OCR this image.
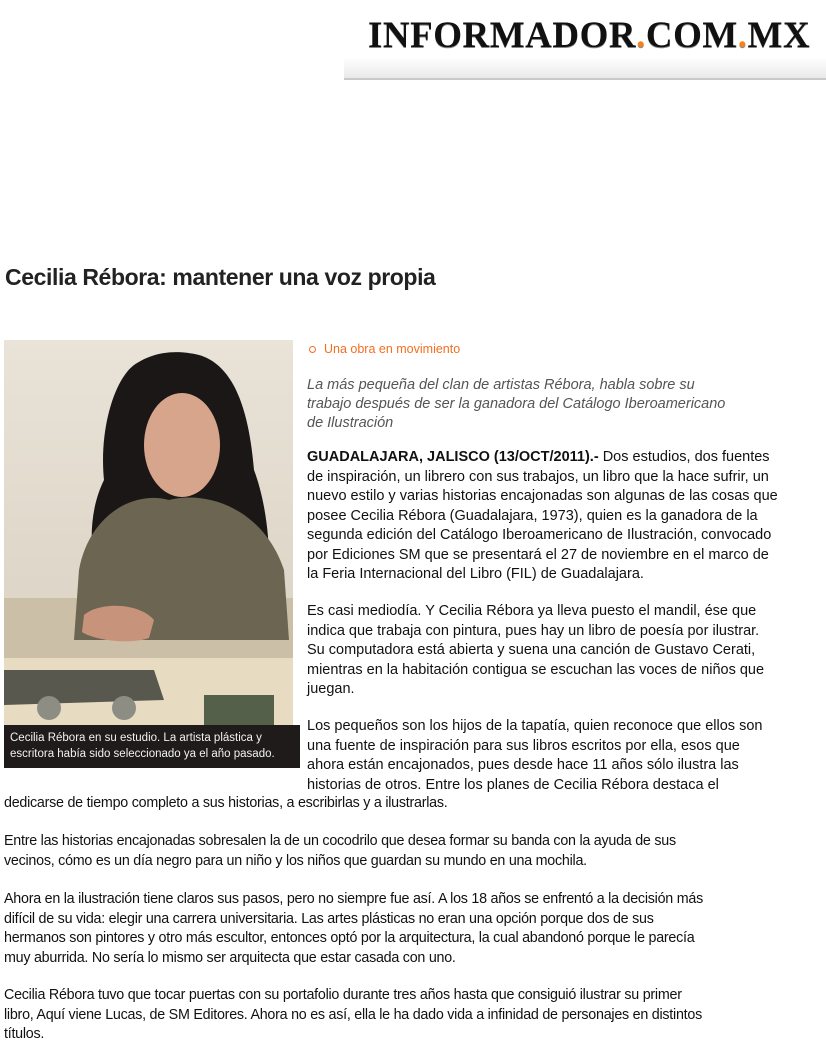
INFORMADOR.COM.MX
Cecilia Rébora: mantener una voz propia
Cecilia Rébora en su estudio. La artista plástica y
escritora había sido seleccionado ya el año pasado.
Una obra en movimiento

La más pequeña del clan de artistas Rébora, habla sobre su
trabajo después de ser la ganadora del Catálogo Iberoamericano
de Ilustración

GUADALAJARA, JALISCO (13/OCT/2011).- Dos estudios, dos fuentes
de inspiración, un librero con sus trabajos, un libro que la hace sufrir, un
nuevo estilo y varias historias encajonadas son algunas de las cosas que
posee Cecilia Rébora (Guadalajara, 1973), quien es la ganadora de la
segunda edición del Catálogo Iberoamericano de Ilustración, convocado
por Ediciones SM que se presentará el 27 de noviembre en el marco de
la Feria Internacional del Libro (FIL) de Guadalajara.

Es casi mediodía. Y Cecilia Rébora ya lleva puesto el mandil, ése que
indica que trabaja con pintura, pues hay un libro de poesía por ilustrar.
Su computadora está abierta y suena una canción de Gustavo Cerati,
mientras en la habitación contigua se escuchan las voces de niños que
juegan.

Los pequeños son los hijos de la tapatía, quien reconoce que ellos son
una fuente de inspiración para sus libros escritos por ella, esos que
ahora están encajonados, pues desde hace 11 años sólo ilustra las
historias de otros. Entre los planes de Cecilia Rébora destaca el

dedicarse de tiempo completo a sus historias, a escribirlas y a ilustrarlas.

Entre las historias encajonadas sobresalen la de un cocodrilo que desea formar su banda con la ayuda de sus
vecinos, cómo es un día negro para un niño y los niños que guardan su mundo en una mochila.

Ahora en la ilustración tiene claros sus pasos, pero no siempre fue así. A los 18 años se enfrentó a la decisión más
difícil de su vida: elegir una carrera universitaria. Las artes plásticas no eran una opción porque dos de sus
hermanos son pintores y otro más escultor, entonces optó por la arquitectura, la cual abandonó porque le parecía
muy aburrida. No sería lo mismo ser arquitecta que estar casada con uno.

Cecilia Rébora tuvo que tocar puertas con su portafolio durante tres años hasta que consiguió ilustrar su primer
libro, Aquí viene Lucas, de SM Editores. Ahora no es así, ella le ha dado vida a infinidad de personajes en distintos
títulos.
